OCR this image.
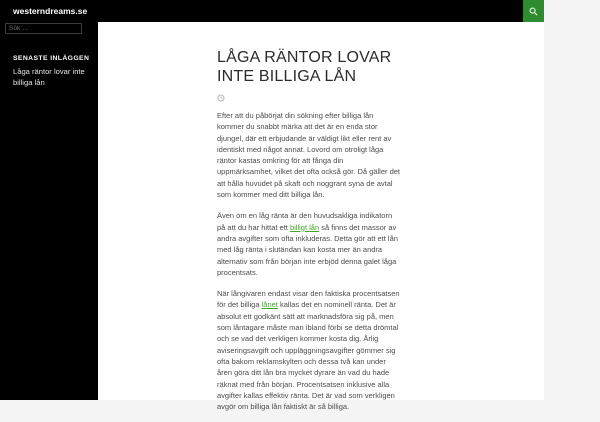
Sök …
SENASTE INLÄGGEN
Låga räntor lovar inte billiga lån
westerndreams.se
LÅGA RÄNTOR LOVAR INTE BILLIGA LÅN

Efter att du påbörjat din sökning efter billiga lån kommer du snabbt märka att det är en enda stor djungel, där ett erbjudande är väldigt likt eller rent av identiskt med något annat. Lovord om otroligt låga räntor kastas omkring för att fånga din uppmärksamhet, vilket det ofta också gör. Då gäller det att hålla huvudet på skaft och noggrant syna de avtal som kommer med ditt billiga lån.

Även om en låg ränta är den huvudsakliga indikatorn på att du har hittat ett billigt lån så finns det massor av andra avgifter som ofta inkluderas. Detta gör att ett lån med låg ränta i slutändan kan kosta mer än andra alternativ som från början inte erbjöd denna galet låga procentsats.

När långivaren endast visar den faktiska procentsatsen för det billiga lånet kallas det en nominell ränta. Det är absolut ett godkänt sätt att marknadsföra sig på, men som låntagare måste man ibland förbi se detta drömtal och se vad det verkligen kommer kosta dig. Årlig aviseringsavgift och uppläggningsavgifter gömmer sig ofta bakom reklamskylten och dessa två kan under åren göra ditt lån bra mycket dyrare än vad du hade räknat med från början. Procentsatsen inklusive alla avgifter kallas effektiv ränta. Det är vad som verkligen avgör om billiga lån faktiskt är så billiga.
